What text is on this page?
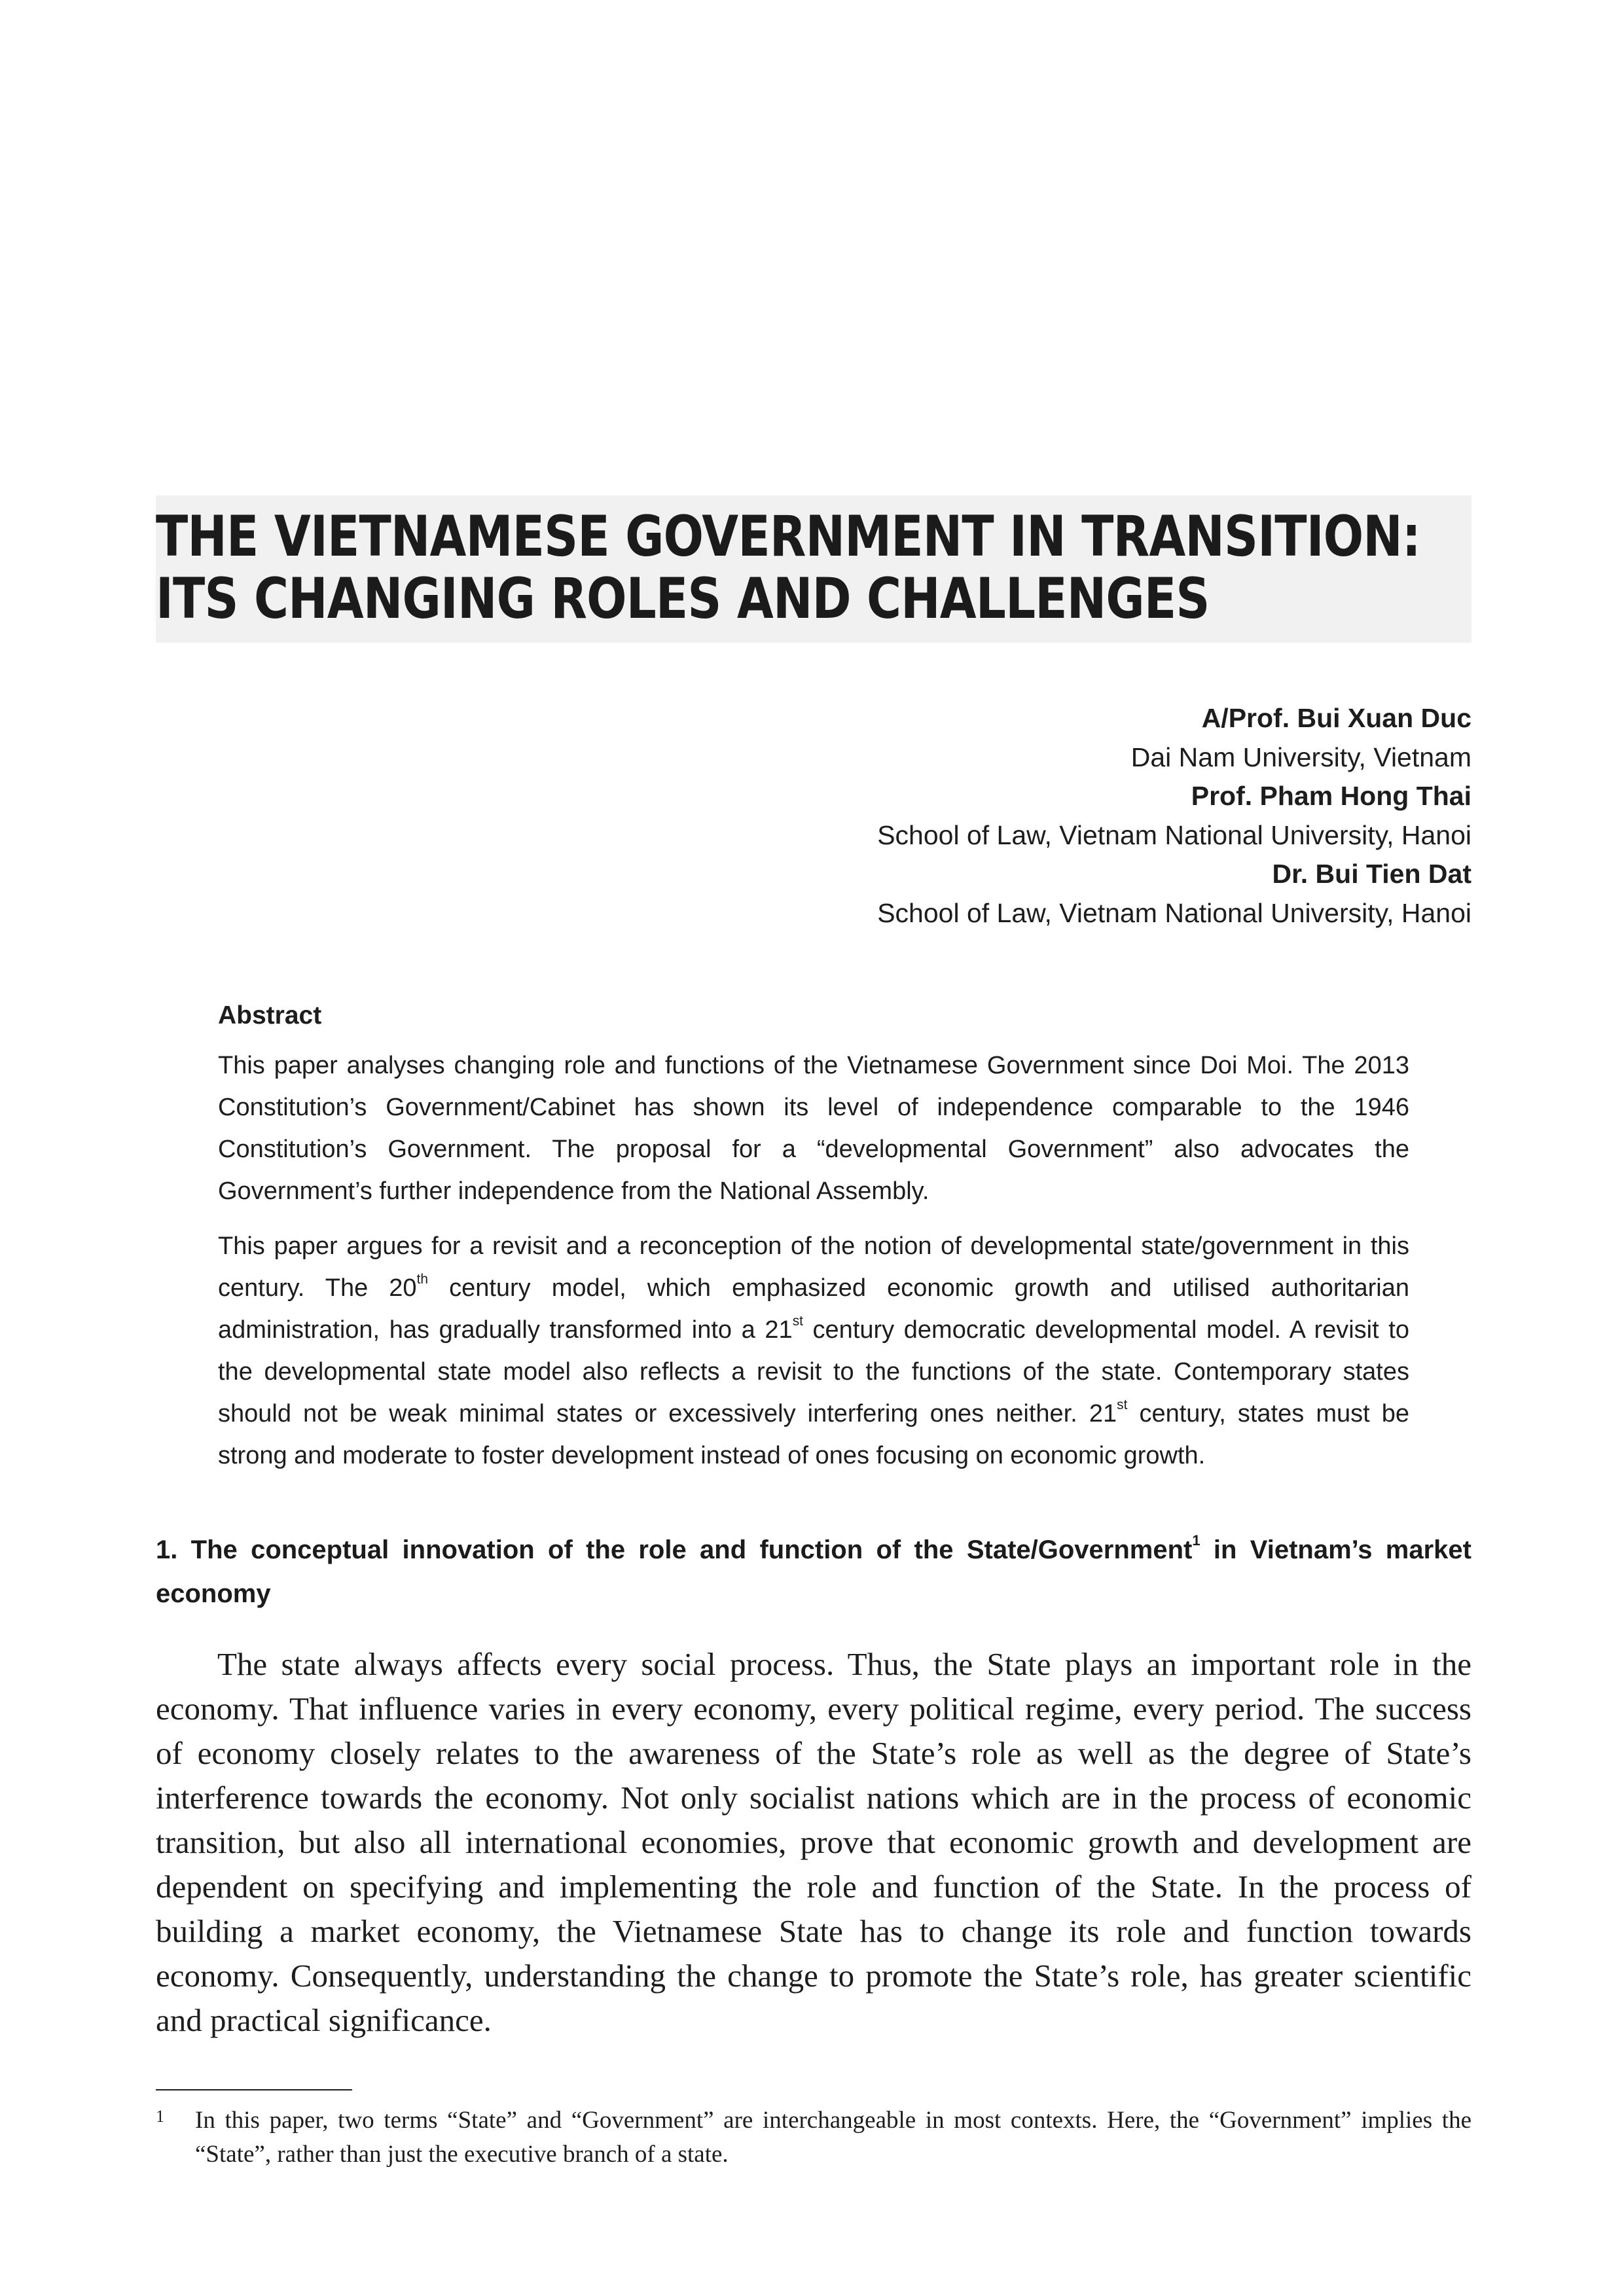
THE VIETNAMESE GOVERNMENT IN TRANSITION:
ITS CHANGING ROLES AND CHALLENGES
A/Prof. Bui Xuan Duc
Dai Nam University, Vietnam
Prof. Pham Hong Thai
School of Law, Vietnam National University, Hanoi
Dr. Bui Tien Dat
School of Law, Vietnam National University, Hanoi
Abstract

This paper analyses changing role and functions of the Vietnamese Government since Doi Moi. The 2013 Constitution’s Government/Cabinet has shown its level of independence comparable to the 1946 Constitution’s Government. The proposal for a “developmental Government” also advocates the Government’s further independence from the National Assembly.

This paper argues for a revisit and a reconception of the notion of developmental state/government in this century. The 20th century model, which emphasized economic growth and utilised authoritarian administration, has gradually transformed into a 21st century democratic developmental model. A revisit to the developmental state model also reflects a revisit to the functions of the state. Contemporary states should not be weak minimal states or excessively interfering ones neither. 21st century, states must be strong and moderate to foster development instead of ones focusing on economic growth.

1. The conceptual innovation of the role and function of the State/Government$^1$ in Vietnam’s market economy

The state always affects every social process. Thus, the State plays an important role in the economy. That influence varies in every economy, every political regime, every period. The success of economy closely relates to the awareness of the State’s role as well as the degree of State’s interference towards the economy. Not only socialist nations which are in the process of economic transition, but also all international economies, prove that economic growth and development are dependent on specifying and implementing the role and function of the State. In the process of building a market economy, the Vietnamese State has to change its role and function towards economy. Consequently, understanding the change to promote the State’s role, has greater scientific and practical significance.

1 In this paper, two terms “State” and “Government” are interchangeable in most contexts. Here, the “Government” implies the “State”, rather than just the executive branch of a state.
